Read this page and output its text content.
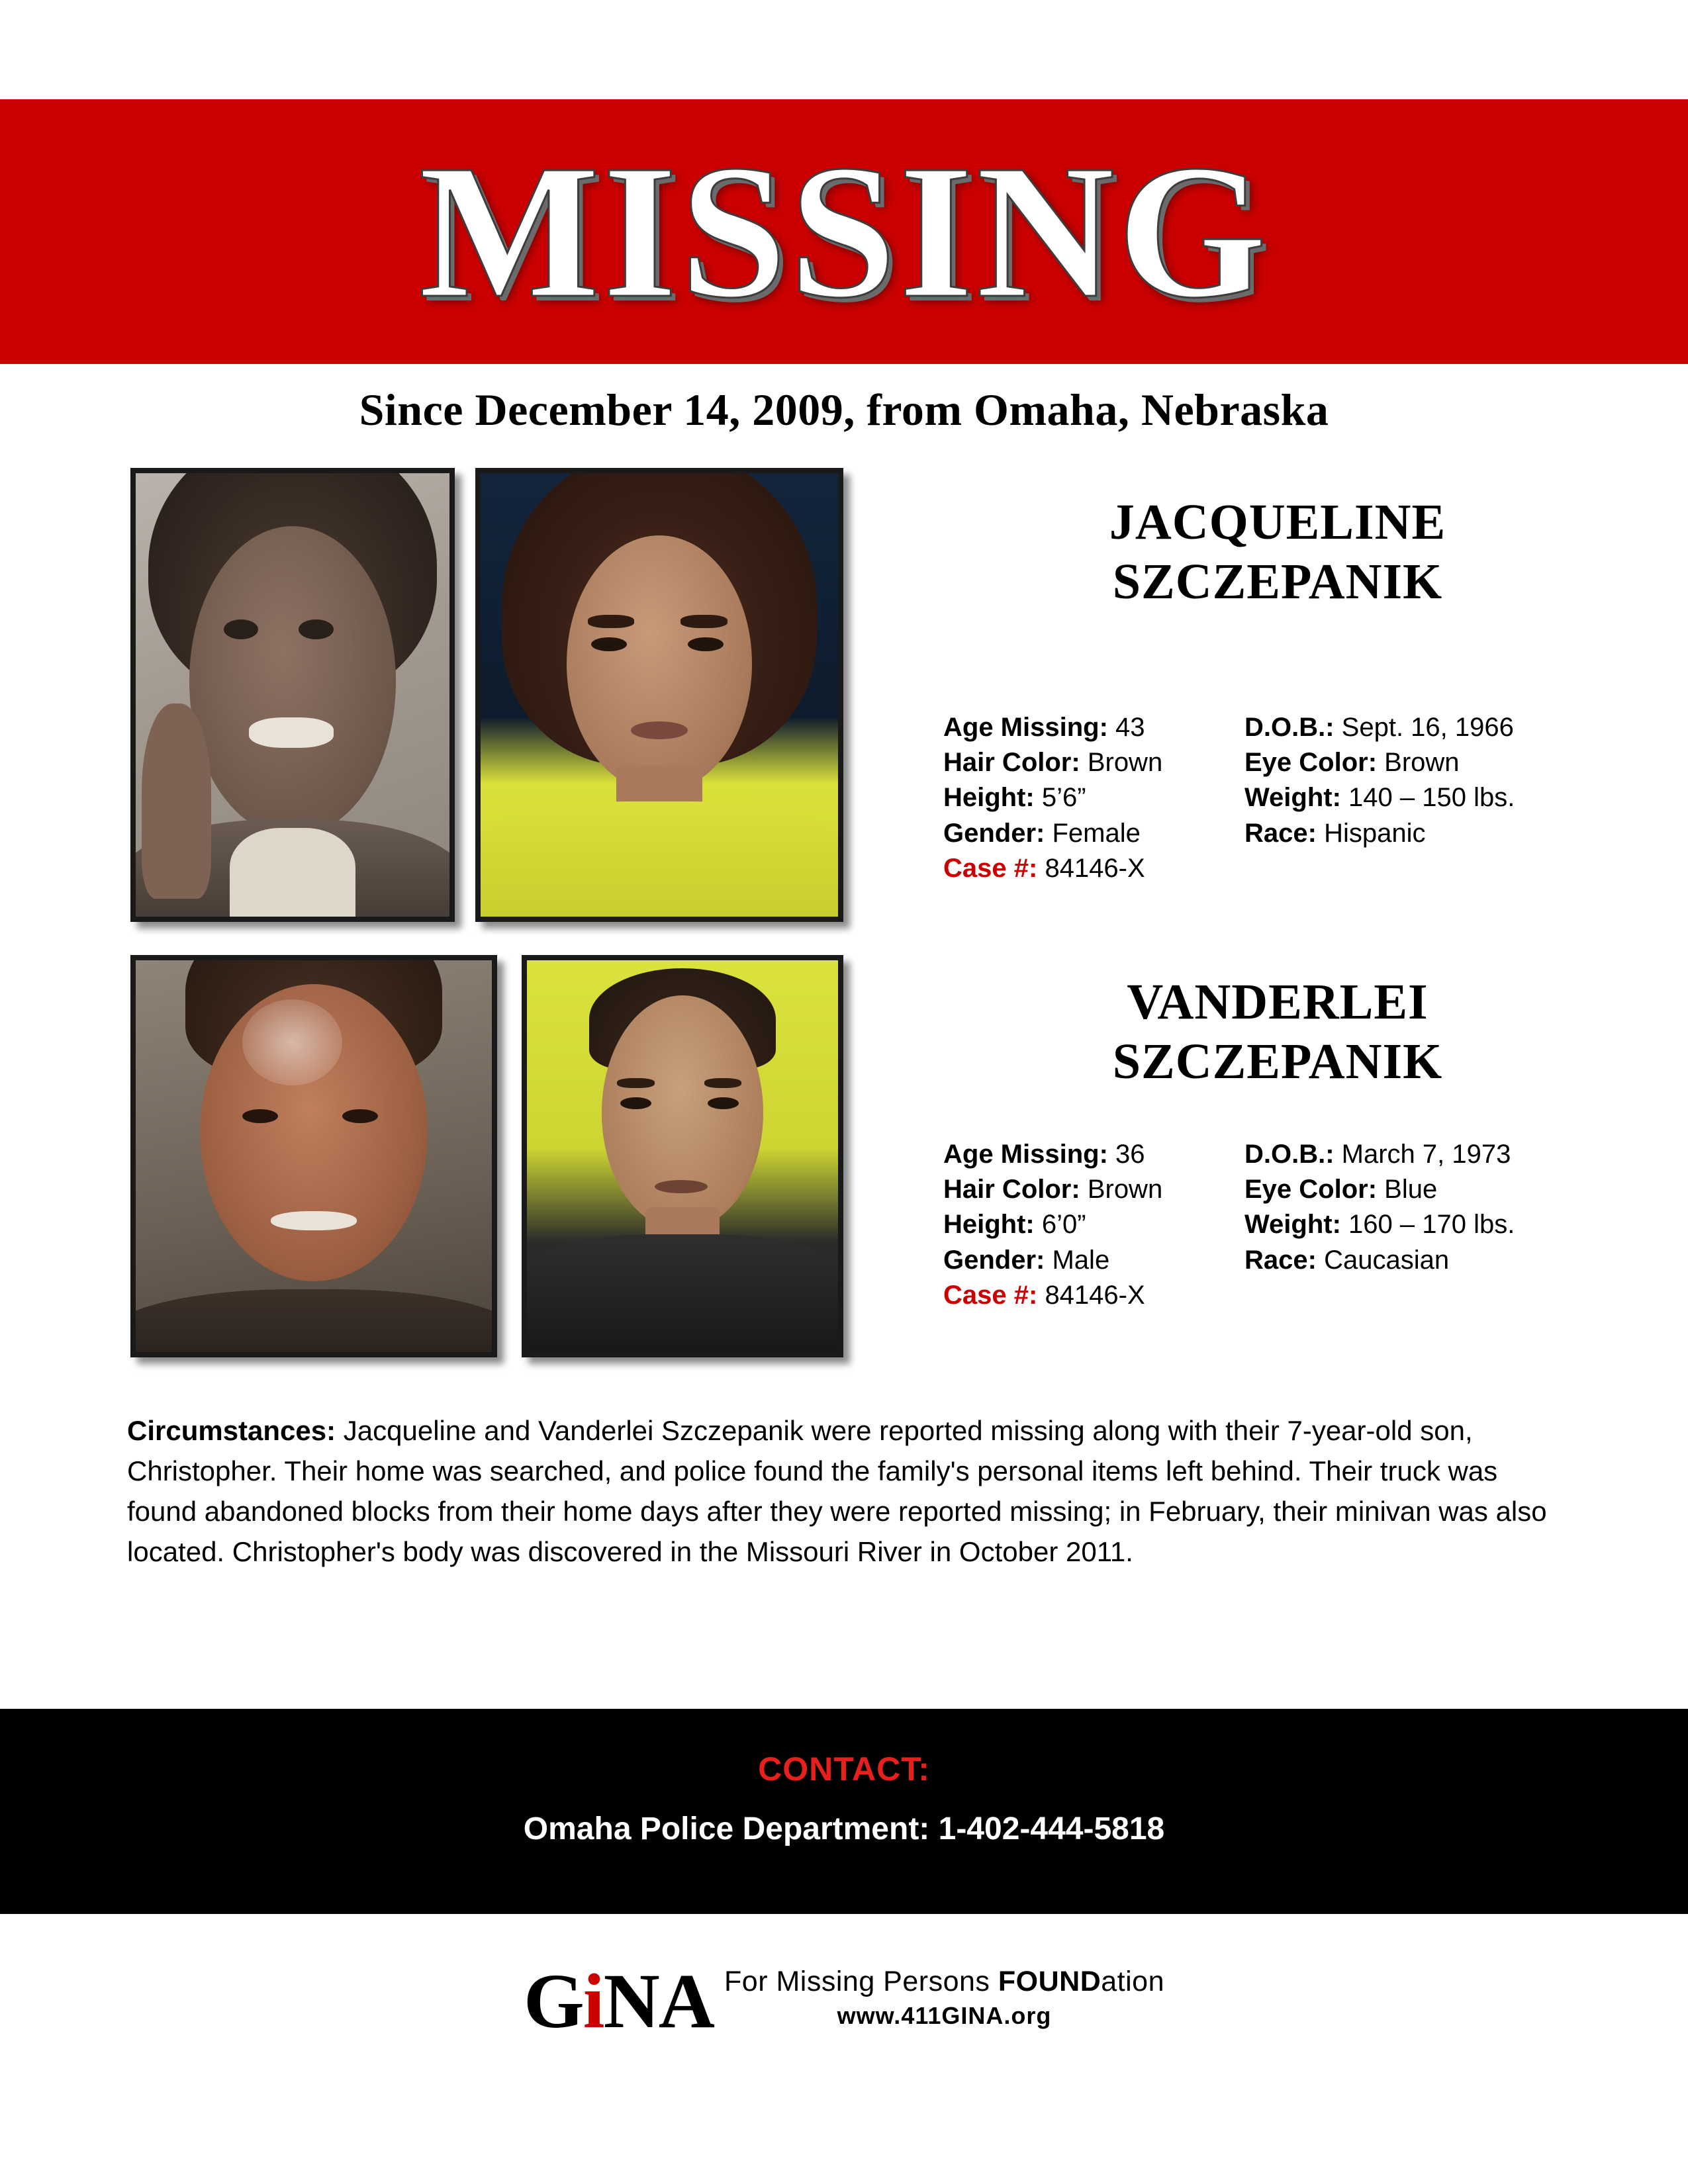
MISSING
Since December 14, 2009, from Omaha, Nebraska
JACQUELINE
SZCZEPANIK
Age Missing: 43	D.O.B.: Sept. 16, 1966
Hair Color: Brown	Eye Color: Brown
Height: 5’6”	Weight: 140 – 150 lbs.
Gender: Female	Race: Hispanic
Case #: 84146-X
VANDERLEI
SZCZEPANIK
Age Missing: 36	D.O.B.: March 7, 1973
Hair Color: Brown	Eye Color: Blue
Height: 6’0”	Weight: 160 – 170 lbs.
Gender: Male	Race: Caucasian
Case #: 84146-X
Circumstances: Jacqueline and Vanderlei Szczepanik were reported missing along with their 7-year-old son, Christopher. Their home was searched, and police found the family's personal items left behind. Their truck was found abandoned blocks from their home days after they were reported missing; in February, their minivan was also located. Christopher's body was discovered in the Missouri River in October 2011.
CONTACT:
Omaha Police Department: 1-402-444-5818
GiNA For Missing Persons FOUNDation
www.411GINA.org
